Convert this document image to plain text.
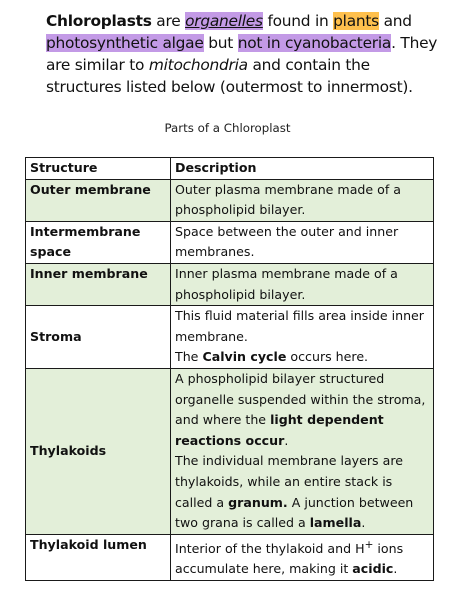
Chloroplasts are organelles found in plants and photosynthetic algae but not in cyanobacteria. They are similar to mitochondria and contain the structures listed below (outermost to innermost).
Parts of a Chloroplast
Structure	Description
Outer membrane	Outer plasma membrane made of a phospholipid bilayer.
Intermembrane space	Space between the outer and inner membranes.
Inner membrane	Inner plasma membrane made of a phospholipid bilayer.
Stroma	This fluid material fills area inside inner membrane.
The Calvin cycle occurs here.
Thylakoids	A phospholipid bilayer structured organelle suspended within the stroma, and where the light dependent reactions occur.
The individual membrane layers are thylakoids, while an entire stack is called a granum. A junction between two grana is called a lamella.
Thylakoid lumen	Interior of the thylakoid and H+ ions accumulate here, making it acidic.
